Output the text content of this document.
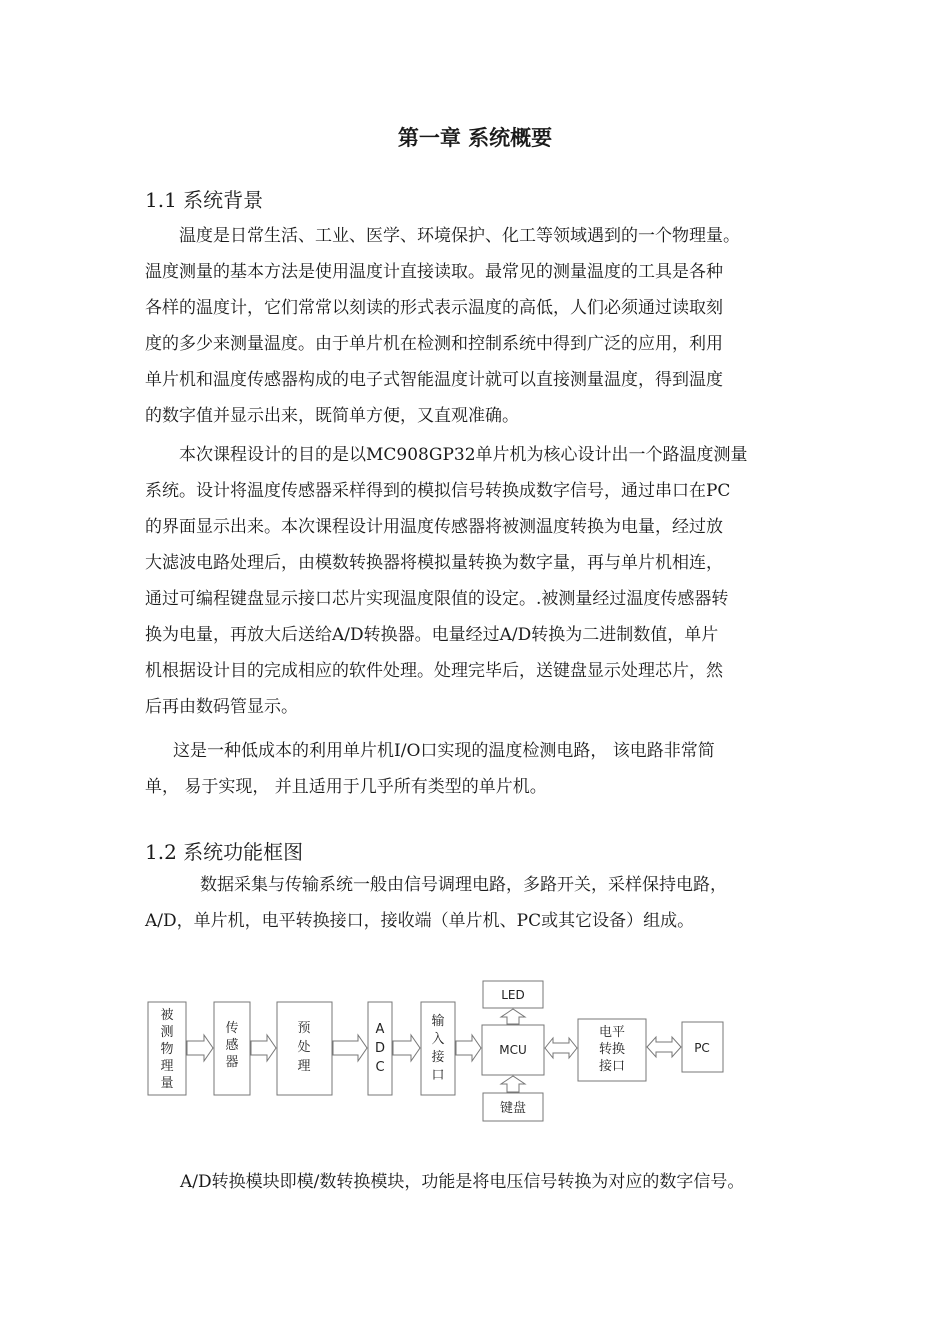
第一章 系统概要
1.1 系统背景
温度是日常生活、工业、医学、环境保护、化工等领域遇到的一个物理量。
温度测量的基本方法是使用温度计直接读取。最常见的测量温度的工具是各种
各样的温度计，它们常常以刻读的形式表示温度的高低，人们必须通过读取刻
度的多少来测量温度。由于单片机在检测和控制系统中得到广泛的应用，利用
单片机和温度传感器构成的电子式智能温度计就可以直接测量温度，得到温度
的数字值并显示出来，既简单方便，又直观准确。
本次课程设计的目的是以MC908GP32单片机为核心设计出一个路温度测量
系统。设计将温度传感器采样得到的模拟信号转换成数字信号，通过串口在PC
的界面显示出来。本次课程设计用温度传感器将被测温度转换为电量，经过放
大滤波电路处理后，由模数转换器将模拟量转换为数字量，再与单片机相连，
通过可编程键盘显示接口芯片实现温度限值的设定。.被测量经过温度传感器转
换为电量，再放大后送给A/D转换器。电量经过A/D转换为二进制数值，单片
机根据设计目的完成相应的软件处理。处理完毕后，送键盘显示处理芯片，然
后再由数码管显示。
这是一种低成本的利用单片机I/O口实现的温度检测电路， 该电路非常简
单， 易于实现， 并且适用于几乎所有类型的单片机。
1.2 系统功能框图
数据采集与传输系统一般由信号调理电路，多路开关，采样保持电路，
A/D，单片机，电平转换接口，接收端（单片机、PC或其它设备）组成。
被
测
物
理
量
传
感
器
预
处
理
A
D
C
输
入
接
口
MCU
LED
键盘
电平
转换
接口
PC
A/D转换模块即模/数转换模块，功能是将电压信号转换为对应的数字信号。
